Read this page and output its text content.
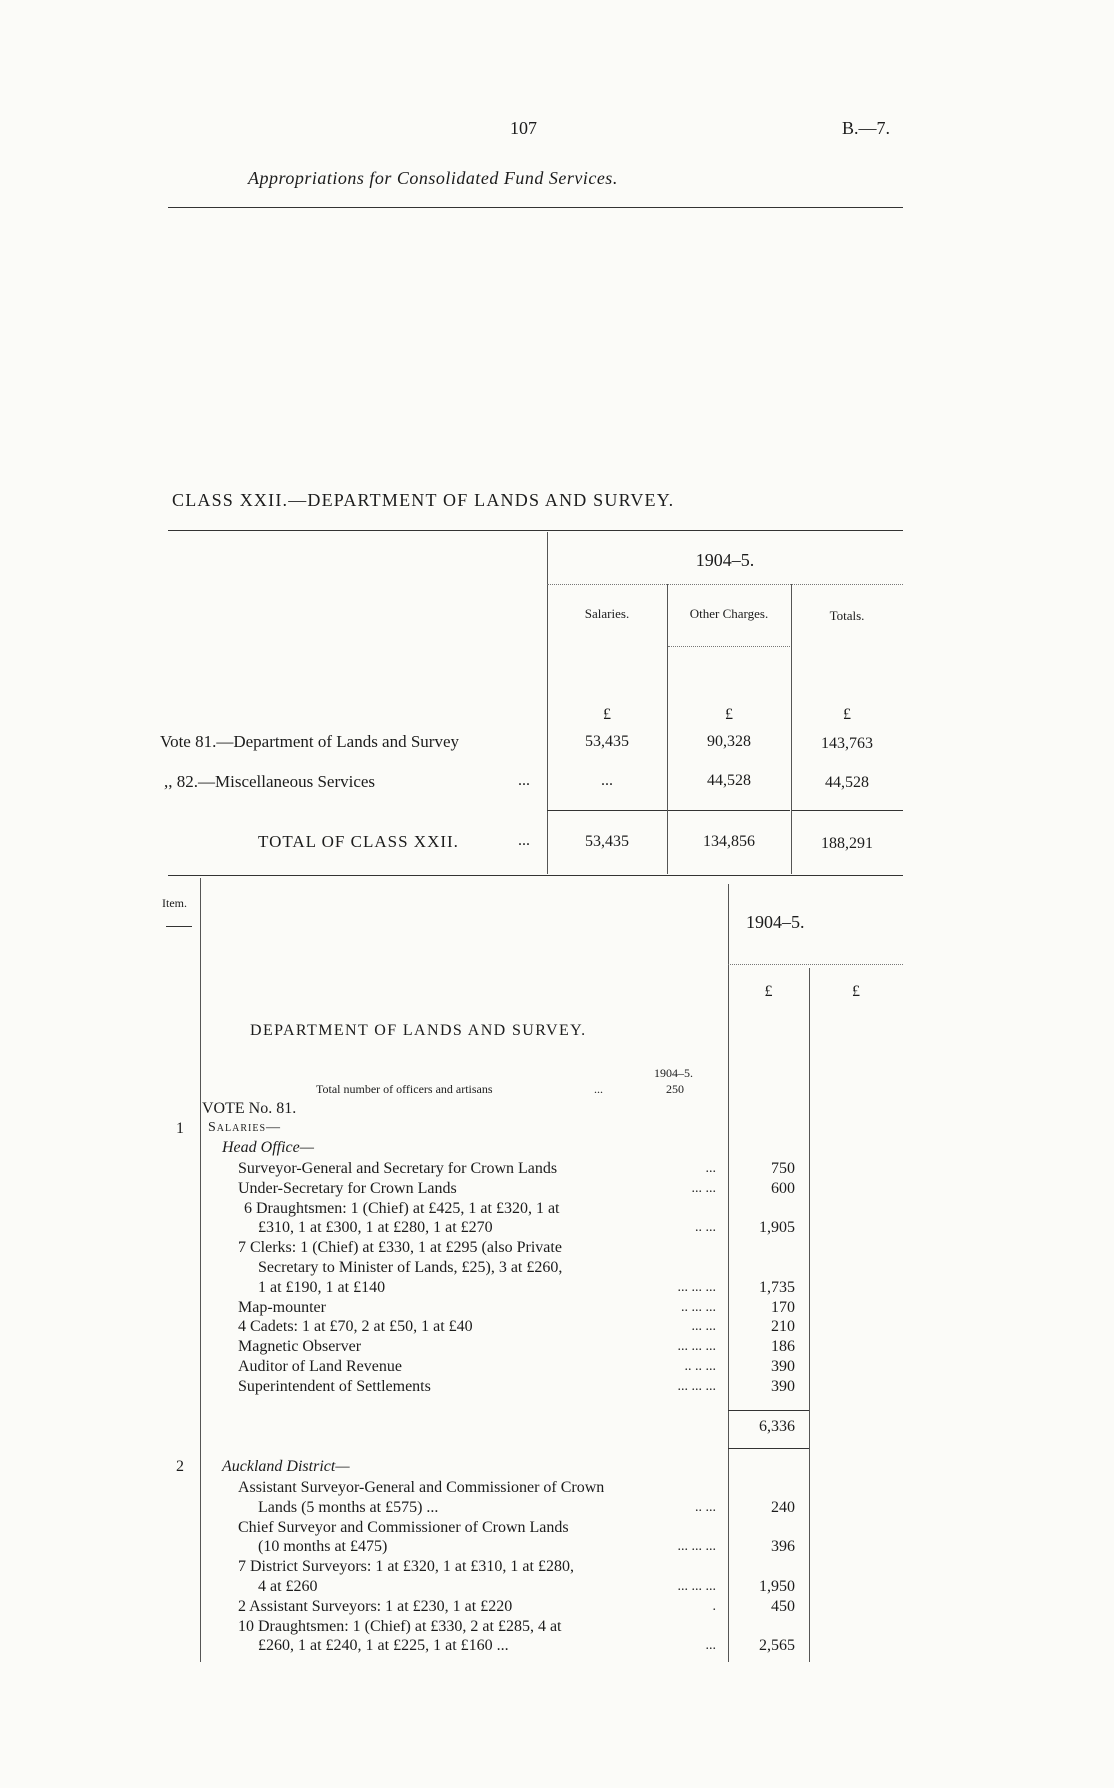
107	B.—7.
Appropriations for Consolidated Fund Services.
CLASS XXII.—DEPARTMENT OF LANDS AND SURVEY.
1904–5.
Salaries.	Other Charges.	Totals.
£	£	£
Vote 81.—Department of Lands and Survey	53,435	90,328	143,763
,, 82.—Miscellaneous Services	...	...	44,528	44,528
TOTAL OF CLASS XXII.	...	53,435	134,856	188,291
Item.
1904–5.
£	£
DEPARTMENT OF LANDS AND SURVEY.
1904–5.
Total number of officers and artisans	...	250
VOTE No. 81.
1 Salaries—
Head Office—
Surveyor-General and Secretary for Crown Lands	...	750
Under-Secretary for Crown Lands	... ...	600
6 Draughtsmen: 1 (Chief) at £425, 1 at £320, 1 at
£310, 1 at £300, 1 at £280, 1 at £270	.. ...	1,905
7 Clerks: 1 (Chief) at £330, 1 at £295 (also Private
Secretary to Minister of Lands, £25), 3 at £260,
1 at £190, 1 at £140	... ... ...	1,735
Map-mounter	.. ... ...	170
4 Cadets: 1 at £70, 2 at £50, 1 at £40	... ...	210
Magnetic Observer	... ... ...	186
Auditor of Land Revenue	.. .. ...	390
Superintendent of Settlements	... ... ...	390
6,336
2 Auckland District—
Assistant Surveyor-General and Commissioner of Crown
Lands (5 months at £575) ...	.. ...	240
Chief Surveyor and Commissioner of Crown Lands
(10 months at £475)	... ... ...	396
7 District Surveyors: 1 at £320, 1 at £310, 1 at £280,
4 at £260	... ... ...	1,950
2 Assistant Surveyors: 1 at £230, 1 at £220	.	450
10 Draughtsmen: 1 (Chief) at £330, 2 at £285, 4 at
£260, 1 at £240, 1 at £225, 1 at £160 ...	...	2,565
